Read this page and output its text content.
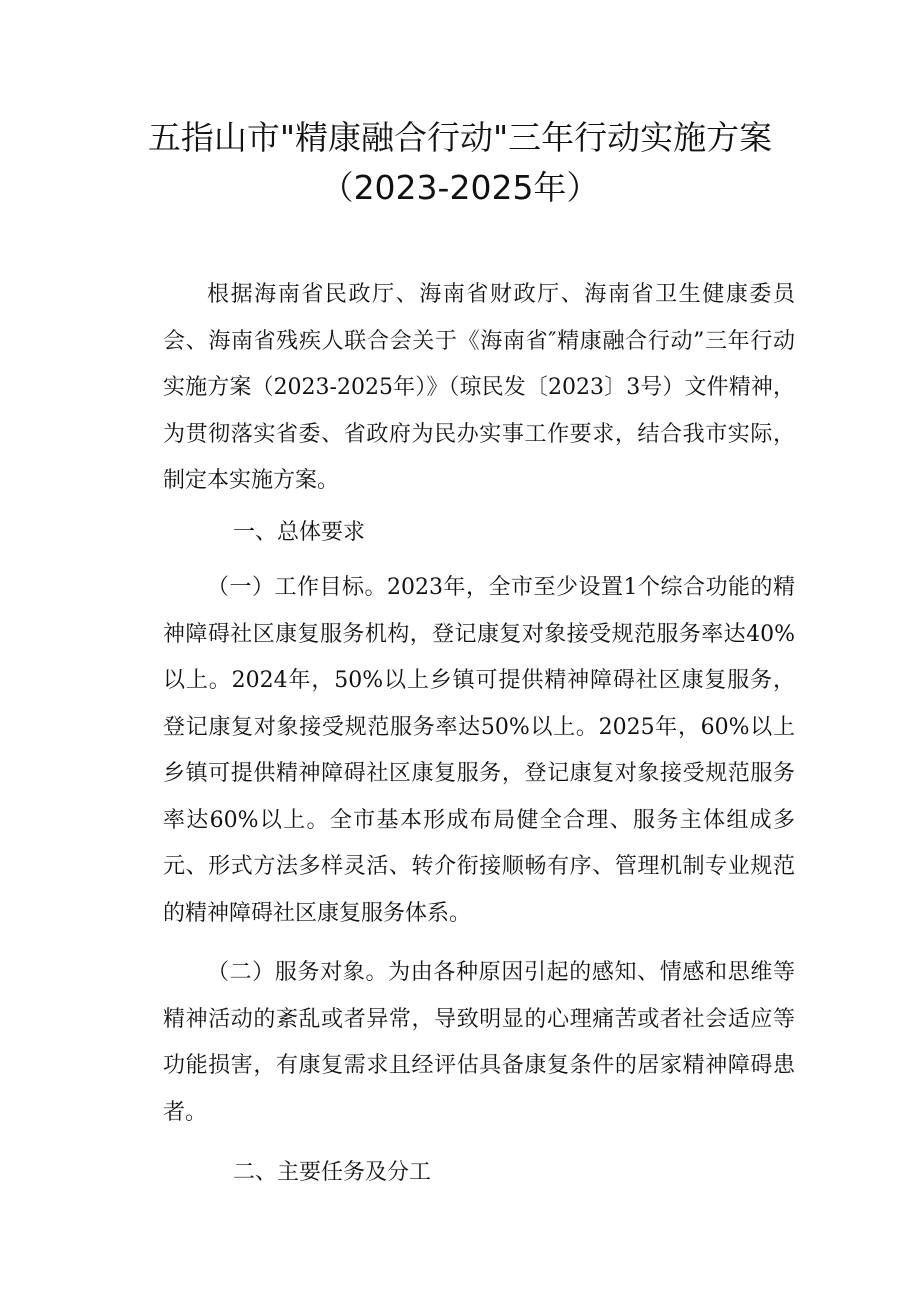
五指山市"精康融合行动"三年行动实施方案
（2023-2025年）

根据海南省民政厅、海南省财政厅、海南省卫生健康委员会、海南省残疾人联合会关于《海南省″精康融合行动”三年行动实施方案（2023-2025年）》（琼民发〔2023〕3号）文件精神，为贯彻落实省委、省政府为民办实事工作要求，结合我市实际，制定本实施方案。

一、总体要求

（一）工作目标。2023年，全市至少设置1个综合功能的精神障碍社区康复服务机构，登记康复对象接受规范服务率达40%以上。2024年，50%以上乡镇可提供精神障碍社区康复服务，登记康复对象接受规范服务率达50%以上。2025年，60%以上乡镇可提供精神障碍社区康复服务，登记康复对象接受规范服务率达60%以上。全市基本形成布局健全合理、服务主体组成多元、形式方法多样灵活、转介衔接顺畅有序、管理机制专业规范的精神障碍社区康复服务体系。

（二）服务对象。为由各种原因引起的感知、情感和思维等精神活动的紊乱或者异常，导致明显的心理痛苦或者社会适应等功能损害，有康复需求且经评估具备康复条件的居家精神障碍患者。

二、主要任务及分工
